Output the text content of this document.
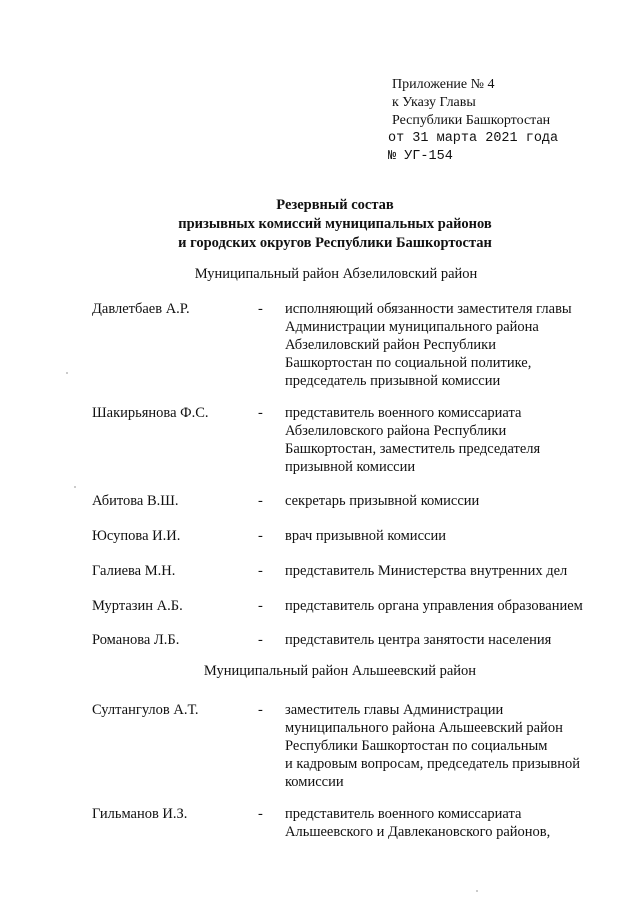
Приложение № 4
к Указу Главы
Республики Башкортостан
от 31 марта 2021 года
№ УГ-154
Резервный состав
призывных комиссий муниципальных районов
и городских округов Республики Башкортостан
Муниципальный район Абзелиловский район
Давлетбаев А.Р.	- исполняющий обязанности заместителя главы
Администрации муниципального района
Абзелиловский район Республики
Башкортостан по социальной политике,
председатель призывной комиссии
Шакирьянова Ф.С.	- представитель военного комиссариата
Абзелиловского района Республики
Башкортостан, заместитель председателя
призывной комиссии
Абитова В.Ш.	- секретарь призывной комиссии
Юсупова И.И.	- врач призывной комиссии
Галиева М.Н.	- представитель Министерства внутренних дел
Муртазин А.Б.	- представитель органа управления образованием
Романова Л.Б.	- представитель центра занятости населения
Муниципальный район Альшеевский район
Султангулов А.Т.	- заместитель главы Администрации
муниципального района Альшеевский район
Республики Башкортостан по социальным
и кадровым вопросам, председатель призывной
комиссии
Гильманов И.З.	- представитель военного комиссариата
Альшеевского и Давлекановского районов,
